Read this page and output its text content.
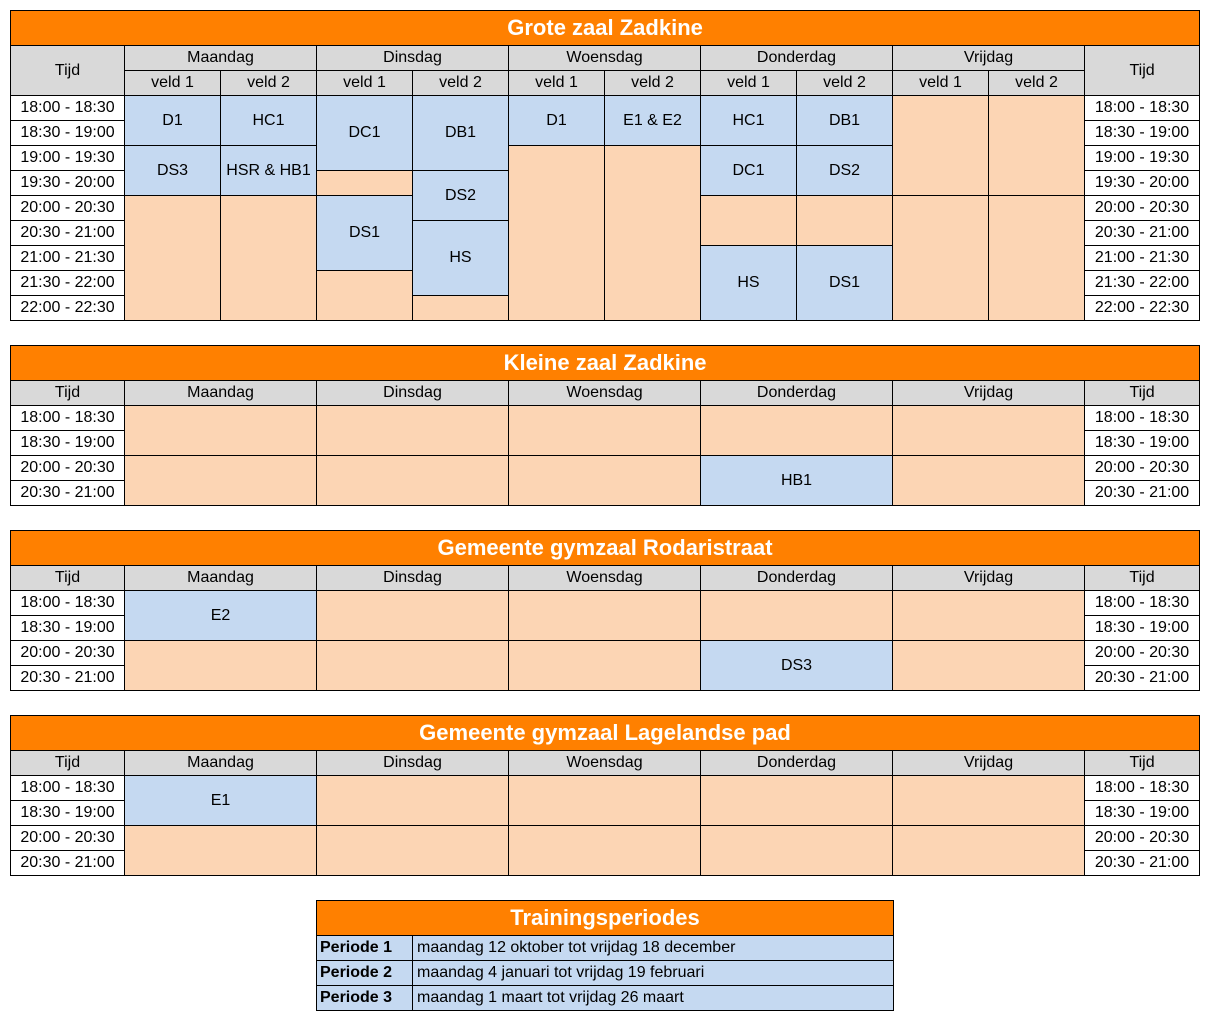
Grote zaal Zadkine											
Tijd	Maandag		Dinsdag		Woensdag		Donderdag		Vrijdag		Tijd
	veld 1	veld 2	veld 1	veld 2	veld 1	veld 2	veld 1	veld 2	veld 1	veld 2	
18:00 - 18:30	D1	HC1	DC1	DB1	D1	E1 & E2	HC1	DB1			18:00 - 18:30
18:30 - 19:00											18:30 - 19:00
19:00 - 19:30	DS3	HSR & HB1					DC1	DS2			19:00 - 19:30
19:30 - 20:00				DS2							19:30 - 20:00
20:00 - 20:30			DS1								20:00 - 20:30
20:30 - 21:00				HS							20:30 - 21:00
21:00 - 21:30							HS	DS1			21:00 - 21:30
21:30 - 22:00											21:30 - 22:00
22:00 - 22:30											22:00 - 22:30
Kleine zaal Zadkine						
Tijd	Maandag	Dinsdag	Woensdag	Donderdag	Vrijdag	Tijd
18:00 - 18:30						18:00 - 18:30
18:30 - 19:00						18:30 - 19:00
20:00 - 20:30				HB1		20:00 - 20:30
20:30 - 21:00						20:30 - 21:00
Gemeente gymzaal Rodaristraat						
Tijd	Maandag	Dinsdag	Woensdag	Donderdag	Vrijdag	Tijd
18:00 - 18:30	E2					18:00 - 18:30
18:30 - 19:00						18:30 - 19:00
20:00 - 20:30				DS3		20:00 - 20:30
20:30 - 21:00						20:30 - 21:00
Gemeente gymzaal Lagelandse pad						
Tijd	Maandag	Dinsdag	Woensdag	Donderdag	Vrijdag	Tijd
18:00 - 18:30	E1					18:00 - 18:30
18:30 - 19:00						18:30 - 19:00
20:00 - 20:30						20:00 - 20:30
20:30 - 21:00						20:30 - 21:00
Trainingsperiodes	
Periode 1	maandag 12 oktober tot vrijdag 18 december
Periode 2	maandag 4 januari tot vrijdag 19 februari
Periode 3	maandag 1 maart tot vrijdag 26 maart
